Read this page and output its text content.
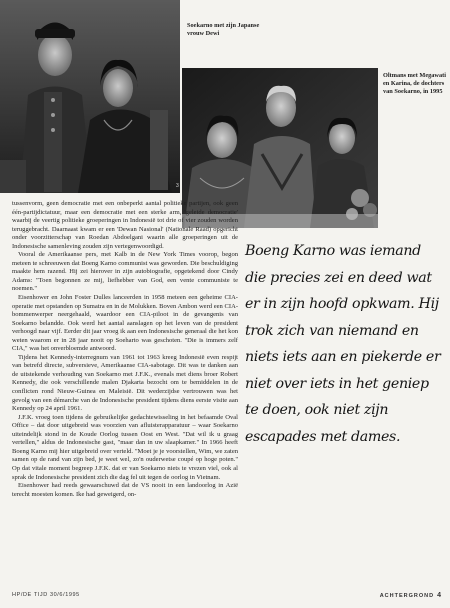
3
Soekarno met zijn Japanse vrouw Dewi
Oltmans met Megawati en Karina, de dochters van Soekarno, in 1995

tussenvorm, geen democratie met een onbeperkt aantal politieke partijen, ook geen één-partijdictatuur, maar een democratie met een sterke arm, 'geleide democratie' waarbij de veertig politieke groeperingen in Indonesië tot drie of vier zouden worden teruggebracht. Daarnaast kwam er een 'Dewan Nasional' (Nationale Raad) opgericht onder voorzitterschap van Roedan Abdoelgani waarin alle groeperingen uit de Indonesische samenleving zouden zijn vertegenwoordigd.

Vooral de Amerikaanse pers, met Kalb in de New York Times voorop, begon meteen te schreeuwen dat Boeng Karno communist was geworden. Die beschuldiging maakte hem razend. Hij zei hierover in zijn autobiografie, opgetekend door Cindy Adams: "Toen begonnen ze mij, liefhebber van God, een vente communiste te noemen."

Eisenhower en John Foster Dulles lanceerden in 1958 meteen een geheime CIA-operatie met opstanden op Sumatra en in de Molukken. Boven Ambon werd een CIA-bommenwerper neergehaald, waardoor een CIA-piloot in de gevangenis van Soekarno belandde. Ook werd het aantal aanslagen op het leven van de president verhoogd naar vijf. Eerder dit jaar vroeg ik aan een Indonesische generaal die het kon weten waarom er in 28 jaar nooit op Soeharto was geschoten. "Die is immers zelf CIA," was het onverbloemde antwoord.

Tijdens het Kennedy-interregnum van 1961 tot 1963 kreeg Indonesië even respijt van betrefd directe, subversieve, Amerikaanse CIA-sabotage. Dit was te danken aan de uitstekende verhouding van Soekarno met J.F.K., evenals met diens broer Robert Kennedy, die ook verschillende malen Djakarta bezocht om te bemiddelen in de conflicten rond Nieuw-Guinea en Maleisië. Dit wederzijdse vertrouwen was het gevolg van een démarche van de Indonesische president tijdens diens eerste visite aan Kennedy op 24 april 1961.

J.F.K. vroeg toen tijdens de gebruikelijke gedachtewisseling in het befaamde Oval Office – dat door uitgebreid was voorzien van afluisterapparatuur – waar Soekarno uiteindelijk stond in de Koude Oorlog tussen Oost en West. "Dat wil ik u graag vertellen," aldus de Indonesische gast, "maar dan in uw slaapkamer." In 1966 heeft Boeng Karno mij hier uitgebreid over verteld. "Moet je je voorstellen, Wim, we zaten samen op de rand van zijn bed, je weet wel, zo'n ouderwetse coupé op hoge poten." Op dat vitale moment begreep J.F.K. dat er van Soekarno niets te vrezen viel, ook al sprak de Indonesische president zich die dag fel uit tegen de oorlog in Vietnam.

Eisenhower had reeds gewaarschuwd dat de VS nooit in een landoorlog in Azië terecht moesten komen. Ike had geweigerd, on-

Boeng Karno was iemand die precies zei en deed wat er in zijn hoofd opkwam. Hij trok zich van niemand en niets iets aan en piekerde er niet over iets in het geniep te doen, ook niet zijn escapades met dames.
HP/DE TIJD 30/6/1995	ACHTERGROND 4
